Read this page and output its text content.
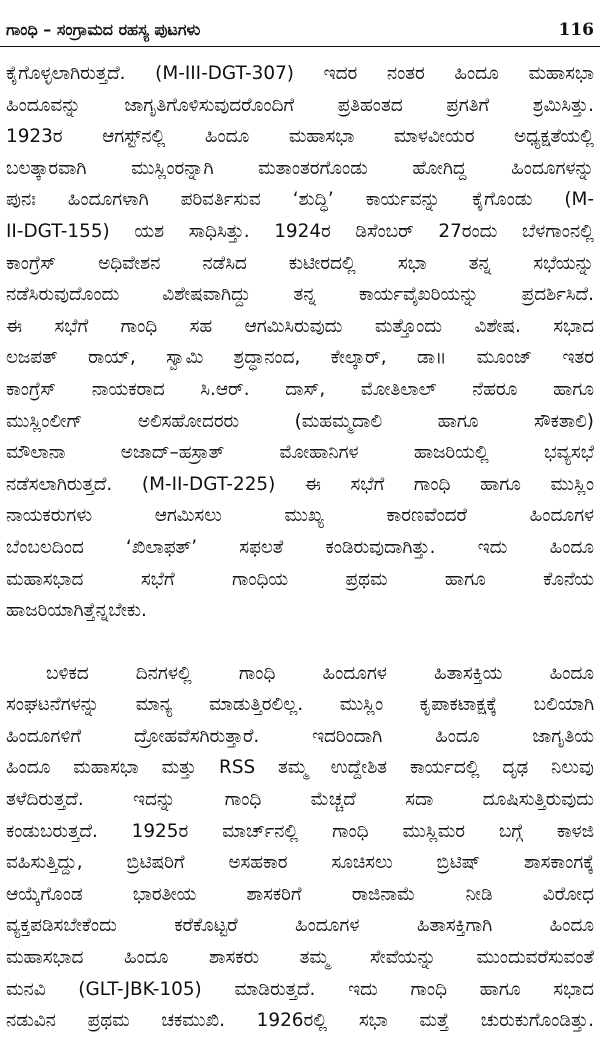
ಗಾಂಧಿ – ಸಂಗ್ರಾಮದ ರಹಸ್ಯ ಪುಟಗಳು	116
ಕೈಗೊಳ್ಳಲಾಗಿರುತ್ತದೆ. (M-III-DGT-307) ಇದರ ನಂತರ ಹಿಂದೂ ಮಹಾಸಭಾ
ಹಿಂದೂವನ್ನು ಜಾಗೃತಿಗೊಳಿಸುವುದರೊಂದಿಗೆ ಪ್ರತಿಹಂತದ ಪ್ರಗತಿಗೆ ಶ್ರಮಿಸಿತ್ತು.
1923ರ ಆಗಸ್ಟ್‌ನಲ್ಲಿ ಹಿಂದೂ ಮಹಾಸಭಾ ಮಾಳವೀಯರ ಅಧ್ಯಕ್ಷತೆಯಲ್ಲಿ
ಬಲತ್ಕಾರವಾಗಿ ಮುಸ್ಲಿಂರನ್ನಾಗಿ ಮತಾಂತರಗೊಂಡು ಹೋಗಿದ್ದ ಹಿಂದೂಗಳನ್ನು
ಪುನಃ ಹಿಂದೂಗಳಾಗಿ ಪರಿವರ್ತಿಸುವ ‘ಶುದ್ಧಿ’ ಕಾರ್ಯವನ್ನು ಕೈಗೊಂಡು (M-
II-DGT-155) ಯಶ ಸಾಧಿಸಿತ್ತು. 1924ರ ಡಿಸೆಂಬರ್ 27ರಂದು ಬೆಳಗಾಂನಲ್ಲಿ
ಕಾಂಗ್ರೆಸ್ ಅಧಿವೇಶನ ನಡೆಸಿದ ಕುಟೀರದಲ್ಲಿ ಸಭಾ ತನ್ನ ಸಭೆಯನ್ನು
ನಡೆಸಿರುವುದೊಂದು ವಿಶೇಷವಾಗಿದ್ದು ತನ್ನ ಕಾರ್ಯವೈಖರಿಯನ್ನು ಪ್ರದರ್ಶಿಸಿದೆ.
ಈ ಸಭೆಗೆ ಗಾಂಧಿ ಸಹ ಆಗಮಿಸಿರುವುದು ಮತ್ತೊಂದು ವಿಶೇಷ. ಸಭಾದ
ಲಜಪತ್ ರಾಯ್, ಸ್ವಾಮಿ ಶ್ರದ್ಧಾನಂದ, ಕೇಲ್ಕಾರ್, ಡಾ॥ ಮೂಂಜ್ ಇತರ
ಕಾಂಗ್ರೆಸ್ ನಾಯಕರಾದ ಸಿ.ಆರ್. ದಾಸ್, ಮೋತಿಲಾಲ್ ನೆಹರೂ ಹಾಗೂ
ಮುಸ್ಲಿಂಲೀಗ್ ಅಲಿಸಹೋದರರು (ಮಹಮ್ಮದಾಲಿ ಹಾಗೂ ಸೌಕತಾಲಿ)
ಮೌಲಾನಾ ಅಜಾದ್–ಹಸ್ರಾತ್ ಮೋಹಾನಿಗಳ ಹಾಜರಿಯಲ್ಲಿ ಭವ್ಯಸಭೆ
ನಡೆಸಲಾಗಿರುತ್ತದೆ. (M-II-DGT-225) ಈ ಸಭೆಗೆ ಗಾಂಧಿ ಹಾಗೂ ಮುಸ್ಲಿಂ
ನಾಯಕರುಗಳು ಆಗಮಿಸಲು ಮುಖ್ಯ ಕಾರಣವೆಂದರೆ ಹಿಂದೂಗಳ
ಬೆಂಬಲದಿಂದ ‘ಖಿಲಾಫತ್’ ಸಫಲತೆ ಕಂಡಿರುವುದಾಗಿತ್ತು. ಇದು ಹಿಂದೂ
ಮಹಾಸಭಾದ ಸಭೆಗೆ ಗಾಂಧಿಯ ಪ್ರಥಮ ಹಾಗೂ ಕೊನೆಯ
ಹಾಜರಿಯಾಗಿತ್ತೆನ್ನಬೇಕು.
ಬಳಿಕದ ದಿನಗಳಲ್ಲಿ ಗಾಂಧಿ ಹಿಂದೂಗಳ ಹಿತಾಸಕ್ತಿಯ ಹಿಂದೂ
ಸಂಘಟನೆಗಳನ್ನು ಮಾನ್ಯ ಮಾಡುತ್ತಿರಲಿಲ್ಲ. ಮುಸ್ಲಿಂ ಕೃಪಾಕಟಾಕ್ಷಕ್ಕೆ ಬಲಿಯಾಗಿ
ಹಿಂದೂಗಳಿಗೆ ದ್ರೋಹವೆಸಗಿರುತ್ತಾರೆ. ಇದರಿಂದಾಗಿ ಹಿಂದೂ ಜಾಗೃತಿಯ
ಹಿಂದೂ ಮಹಾಸಭಾ ಮತ್ತು RSS ತಮ್ಮ ಉದ್ದೇಶಿತ ಕಾರ್ಯದಲ್ಲಿ ದೃಢ ನಿಲುವು
ತಳೆದಿರುತ್ತದೆ. ಇದನ್ನು ಗಾಂಧಿ ಮೆಚ್ಚದೆ ಸದಾ ದೂಷಿಸುತ್ತಿರುವುದು
ಕಂಡುಬರುತ್ತದೆ. 1925ರ ಮಾರ್ಚ್‌ನಲ್ಲಿ ಗಾಂಧಿ ಮುಸ್ಲಿಮರ ಬಗ್ಗೆ ಕಾಳಜಿ
ವಹಿಸುತ್ತಿದ್ದು, ಬ್ರಿಟಿಷರಿಗೆ ಅಸಹಕಾರ ಸೂಚಿಸಲು ಬ್ರಿಟಿಷ್ ಶಾಸಕಾಂಗಕ್ಕೆ
ಆಯ್ಕೆಗೊಂಡ ಭಾರತೀಯ ಶಾಸಕರಿಗೆ ರಾಜಿನಾಮೆ ನೀಡಿ ವಿರೋಧ
ವ್ಯಕ್ತಪಡಿಸಬೇಕೆಂದು ಕರೆಕೊಟ್ಟರೆ ಹಿಂದೂಗಳ ಹಿತಾಸಕ್ತಿಗಾಗಿ ಹಿಂದೂ
ಮಹಾಸಭಾದ ಹಿಂದೂ ಶಾಸಕರು ತಮ್ಮ ಸೇವೆಯನ್ನು ಮುಂದುವರೆಸುವಂತೆ
ಮನವಿ (GLT-JBK-105) ಮಾಡಿರುತ್ತದೆ. ಇದು ಗಾಂಧಿ ಹಾಗೂ ಸಭಾದ
ನಡುವಿನ ಪ್ರಥಮ ಚಕಮುಖಿ. 1926ರಲ್ಲಿ ಸಭಾ ಮತ್ತೆ ಚುರುಕುಗೊಂಡಿತ್ತು.
